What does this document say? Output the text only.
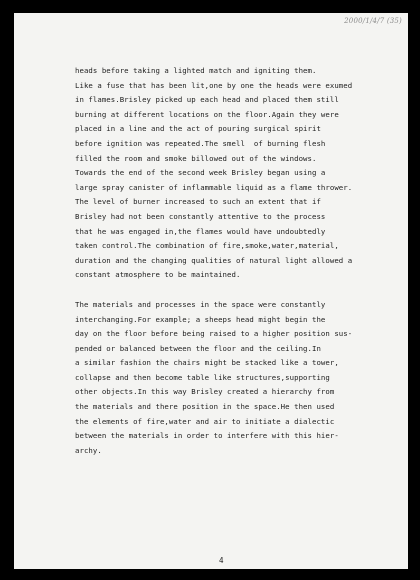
2000/1/4/7 (35)
heads before taking a lighted match and igniting them.
Like a fuse that has been lit,one by one the heads were exumed
in flames.Brisley picked up each head and placed them still
burning at different locations on the floor.Again they were
placed in a line and the act of pouring surgical spirit
before ignition was repeated.The smell  of burning flesh
filled the room and smoke billowed out of the windows.
Towards the end of the second week Brisley began using a
large spray canister of inflammable liquid as a flame thrower.
The level of burner increased to such an extent that if
Brisley had not been constantly attentive to the process
that he was engaged in,the flames would have undoubtedly
taken control.The combination of fire,smoke,water,material,
duration and the changing qualities of natural light allowed a
constant atmosphere to be maintained.
The materials and processes in the space were constantly
interchanging.For example; a sheeps head might begin the
day on the floor before being raised to a higher position sus-
pended or balanced between the floor and the ceiling.In
a similar fashion the chairs might be stacked like a tower,
collapse and then become table like structures,supporting
other objects.In this way Brisley created a hierarchy from
the materials and there position in the space.He then used
the elements of fire,water and air to initiate a dialectic
between the materials in order to interfere with this hier-
archy.
4
